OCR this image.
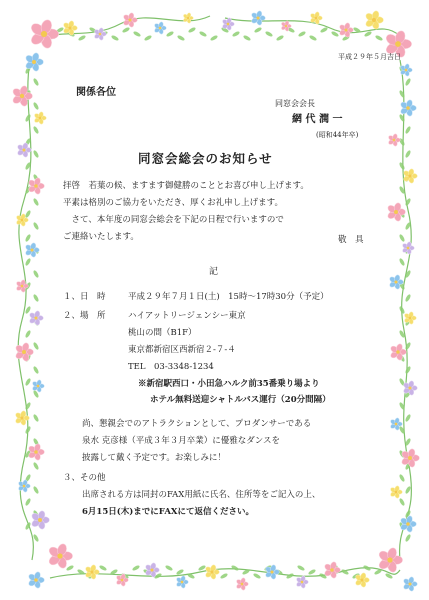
平成２９年５月吉日
関係各位
同窓会会長
網 代 潤 一
(昭和44年卒)
同窓会総会のお知らせ
拝啓　若葉の候、ますます御健勝のこととお喜び申し上げます。
平素は格別のご協力をいただき、厚くお礼申し上げます。
　さて、本年度の同窓会総会を下記の日程で行いますので
ご連絡いたします。	敬　具
記
１、日　時	平成２９年７月１日(土)　15時～17時30分（予定）
２、場　所	ハイアットリージェンシー東京
桃山の間（B1F）
東京都新宿区西新宿２-７-４
TEL　03-3348-1234
※新宿駅西口・小田急ハルク前35番乗り場より
ホテル無料送迎シャトルバス運行（20分間隔）
尚、懇親会でのアトラクションとして、プロダンサーである
泉水 克彦様（平成３年３月卒業）に優雅なダンスを
披露して戴く予定です。お楽しみに！
３、その他
出席される方は同封のFAX用紙に氏名、住所等をご記入の上、
6月15日(木)までにFAXにて返信ください。
